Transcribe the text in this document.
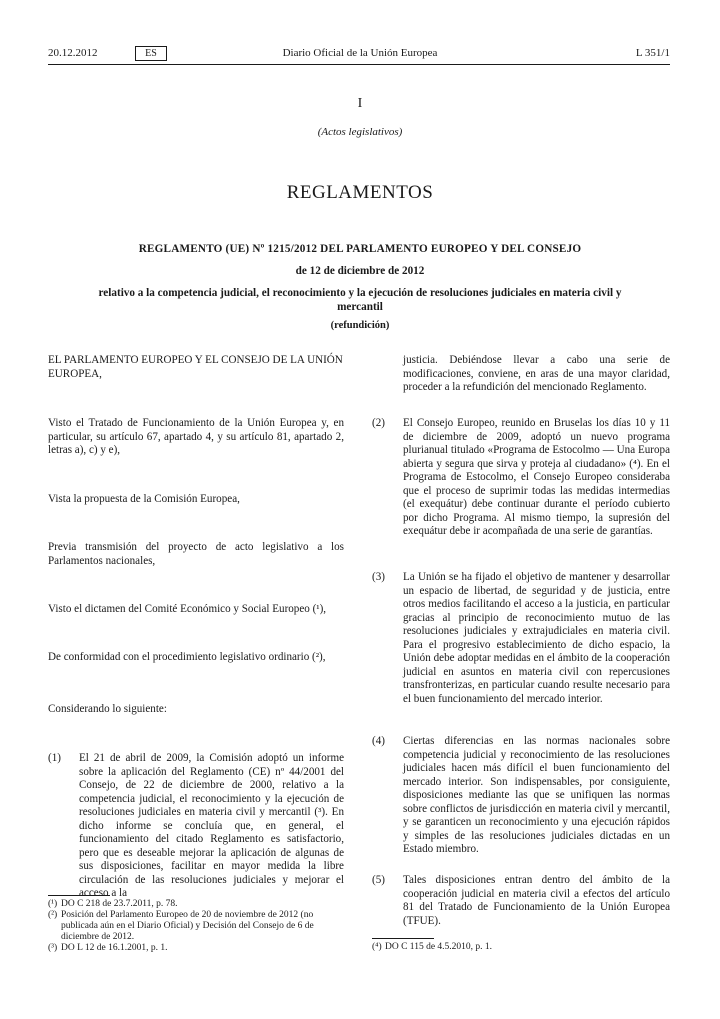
20.12.2012	ES	Diario Oficial de la Unión Europea	L 351/1
I
(Actos legislativos)
REGLAMENTOS
REGLAMENTO (UE) Nº 1215/2012 DEL PARLAMENTO EUROPEO Y DEL CONSEJO
de 12 de diciembre de 2012
relativo a la competencia judicial, el reconocimiento y la ejecución de resoluciones judiciales en materia civil y mercantil
(refundición)
EL PARLAMENTO EUROPEO Y EL CONSEJO DE LA UNIÓN EUROPEA,
Visto el Tratado de Funcionamiento de la Unión Europea y, en particular, su artículo 67, apartado 4, y su artículo 81, apartado 2, letras a), c) y e),
Vista la propuesta de la Comisión Europea,
Previa transmisión del proyecto de acto legislativo a los Parlamentos nacionales,
Visto el dictamen del Comité Económico y Social Europeo (¹),
De conformidad con el procedimiento legislativo ordinario (²),
Considerando lo siguiente:
(1) El 21 de abril de 2009, la Comisión adoptó un informe sobre la aplicación del Reglamento (CE) nº 44/2001 del Consejo, de 22 de diciembre de 2000, relativo a la competencia judicial, el reconocimiento y la ejecución de resoluciones judiciales en materia civil y mercantil (³). En dicho informe se concluía que, en general, el funcionamiento del citado Reglamento es satisfactorio, pero que es deseable mejorar la aplicación de algunas de sus disposiciones, facilitar en mayor medida la libre circulación de las resoluciones judiciales y mejorar el acceso a la
(¹) DO C 218 de 23.7.2011, p. 78.
(²) Posición del Parlamento Europeo de 20 de noviembre de 2012 (no publicada aún en el Diario Oficial) y Decisión del Consejo de 6 de diciembre de 2012.
(³) DO L 12 de 16.1.2001, p. 1.
justicia. Debiéndose llevar a cabo una serie de modificaciones, conviene, en aras de una mayor claridad, proceder a la refundición del mencionado Reglamento.
(2) El Consejo Europeo, reunido en Bruselas los días 10 y 11 de diciembre de 2009, adoptó un nuevo programa plurianual titulado «Programa de Estocolmo — Una Europa abierta y segura que sirva y proteja al ciudadano» (⁴). En el Programa de Estocolmo, el Consejo Europeo consideraba que el proceso de suprimir todas las medidas intermedias (el exequátur) debe continuar durante el período cubierto por dicho Programa. Al mismo tiempo, la supresión del exequátur debe ir acompañada de una serie de garantías.
(3) La Unión se ha fijado el objetivo de mantener y desarrollar un espacio de libertad, de seguridad y de justicia, entre otros medios facilitando el acceso a la justicia, en particular gracias al principio de reconocimiento mutuo de las resoluciones judiciales y extrajudiciales en materia civil. Para el progresivo establecimiento de dicho espacio, la Unión debe adoptar medidas en el ámbito de la cooperación judicial en asuntos en materia civil con repercusiones transfronterizas, en particular cuando resulte necesario para el buen funcionamiento del mercado interior.
(4) Ciertas diferencias en las normas nacionales sobre competencia judicial y reconocimiento de las resoluciones judiciales hacen más difícil el buen funcionamiento del mercado interior. Son indispensables, por consiguiente, disposiciones mediante las que se unifiquen las normas sobre conflictos de jurisdicción en materia civil y mercantil, y se garanticen un reconocimiento y una ejecución rápidos y simples de las resoluciones judiciales dictadas en un Estado miembro.
(5) Tales disposiciones entran dentro del ámbito de la cooperación judicial en materia civil a efectos del artículo 81 del Tratado de Funcionamiento de la Unión Europea (TFUE).
(⁴) DO C 115 de 4.5.2010, p. 1.
